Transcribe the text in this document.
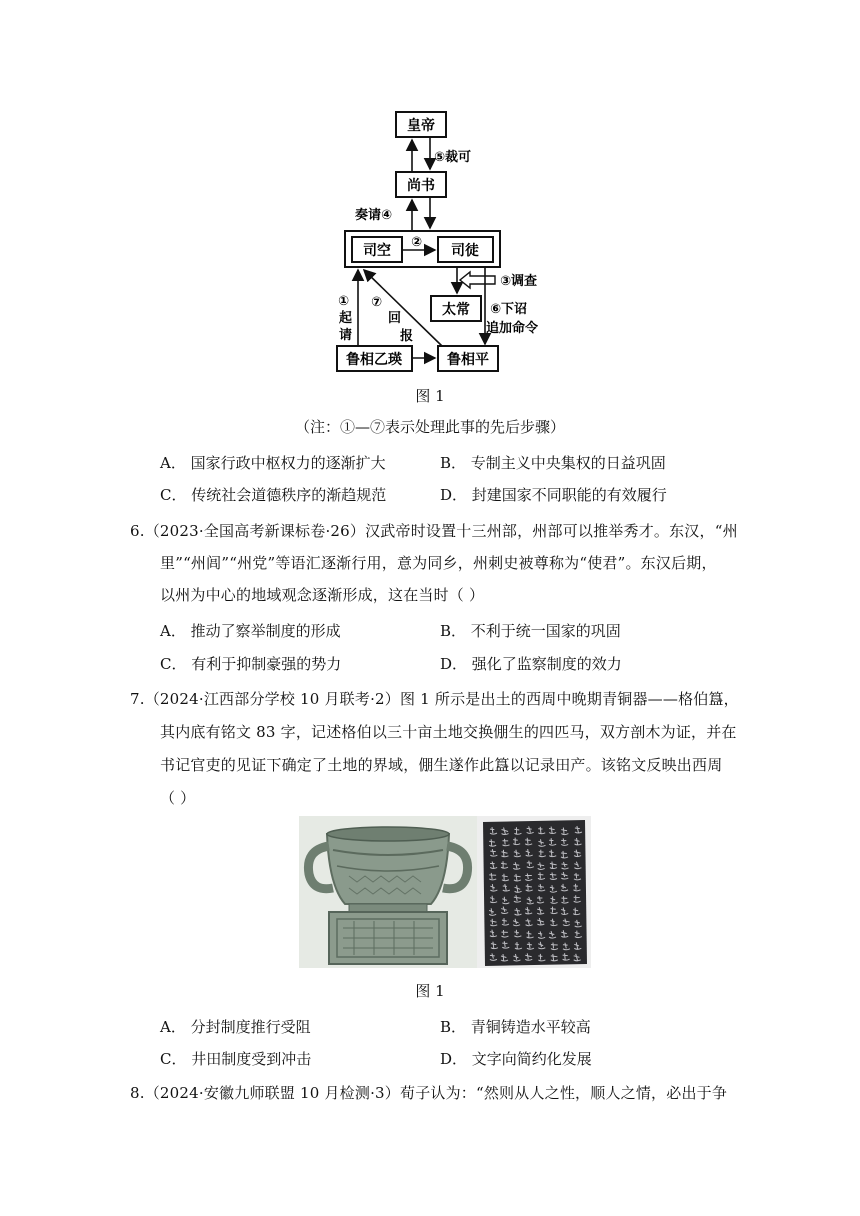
皇帝
尚书
⑤裁可
奏请④
司空	司徒
②
③调查
太常 ⑥下诏
追加命令
鲁相乙瑛	鲁相平
①
起
请
⑦
回
报
图 1
（注：①—⑦表示处理此事的先后步骤）
A． 国家行政中枢权力的逐渐扩大	B． 专制主义中央集权的日益巩固
C． 传统社会道德秩序的渐趋规范	D． 封建国家不同职能的有效履行
6.（2023·全国高考新课标卷·26）汉武帝时设置十三州部，州部可以推举秀才。东汉，“州
里”“州闾”“州党”等语汇逐渐行用，意为同乡，州刺史被尊称为“使君”。东汉后期，
以州为中心的地域观念逐渐形成，这在当时（ ）
A． 推动了察举制度的形成	B． 不利于统一国家的巩固
C． 有利于抑制豪强的势力	D． 强化了监察制度的效力
7.（2024·江西部分学校 10 月联考·2）图 1 所示是出土的西周中晚期青铜器——格伯簋，
其内底有铭文 83 字，记述格伯以三十亩土地交换倗生的四匹马，双方剖木为证，并在
书记官吏的见证下确定了土地的界域，倗生遂作此簋以记录田产。该铭文反映出西周
（ ）
图 1
A． 分封制度推行受阻	B． 青铜铸造水平较高
C． 井田制度受到冲击	D． 文字向简约化发展
8.（2024·安徽九师联盟 10 月检测·3）荀子认为：“然则从人之性，顺人之情，必出于争
